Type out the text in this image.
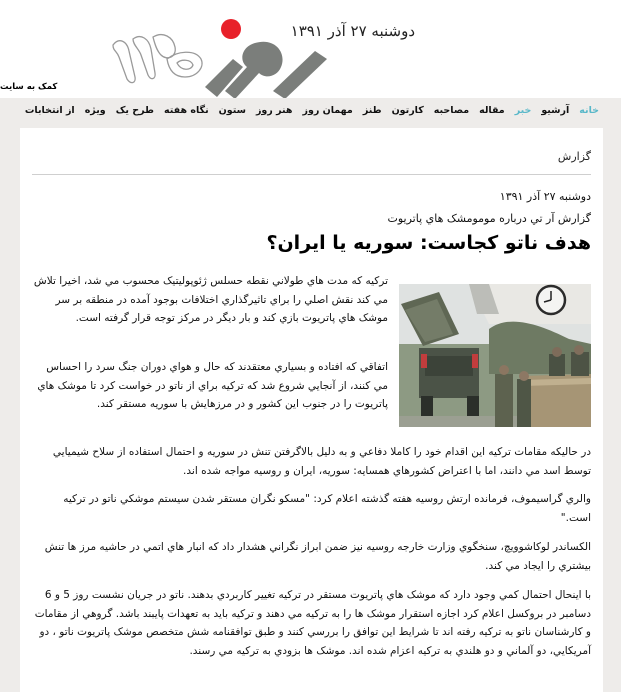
دوشنبه ۲۷ آذر ۱۳۹۱
کمک به سایت
خانه
آرشیو
خبر
مقاله
مصاحبه
کارتون
طنز
مهمان روز
هنر روز
ستون
نگاه هفته
طرح یک
ویژه
از انتخابات
گزارش
دوشنبه ۲۷ آذر ۱۳۹۱
گزارش آر تي درباره مومومشک هاي پاتريوت
هدف ناتو کجاست: سوریه یا ایران؟

ترکيه که مدت هاي طولاني نقطه حسلس ژئوپوليتيک محسوب مي شد، اخيرا تلاش مي کند نقش اصلي را براي تاثيرگذاري اختلافات بوجود آمده در منطقه بر سر موشک هاي پاتريوت بازي کند و بار ديگر در مرکز توجه قرار گرفته است.

اتفاقي که افتاده و بسياري معتقدند که حال و هواي دوران جنگ سرد را احساس مي کنند، از آنجايي شروع شد که ترکيه براي از ناتو در خواست کرد تا موشک هاي پاتريوت را در جنوب اين کشور و در مرزهايش با سوريه مستقر کند.

در حاليکه مقامات ترکيه اين اقدام خود را کاملا دفاعي و به دليل بالاگرفتن تنش در سوريه و احتمال استفاده از سلاح شيميايي توسط اسد مي دانند، اما با اعتراض کشورهاي همسايه: سوريه، ايران و روسيه مواجه شده اند.

والري گراسيموف، فرمانده ارتش روسيه هفته گذشته اعلام کرد: "مسکو نگران مستقر شدن سيستم موشکي ناتو در ترکيه است."

الکساندر لوکاشوويچ، سنخگوي وزارت خارجه روسيه نيز ضمن ابراز نگراني هشدار داد که انبار هاي اتمي در حاشيه مرز ها تنش بيشتري را ايجاد مي کند.

با اينحال احتمال کمي وجود دارد که موشک هاي پاتريوت مستقر در ترکيه تغيير کاربردي بدهند. ناتو در جريان نشست روز 5 و 6 دسامبر در بروکسل اعلام کرد اجازه استقرار موشک ها را به ترکيه مي دهند و ترکيه بايد به تعهدات پايبند باشد. گروهي از مقامات و کارشناسان ناتو به ترکيه رفته اند تا شرايط اين توافق را بررسي کنند و طبق توافقنامه شش متخصص موشک پاتريوت ناتو ، دو آمريکايي، دو آلماني و دو هلندي به ترکيه اعزام شده اند. موشک ها بزودي به ترکيه مي رسند.
